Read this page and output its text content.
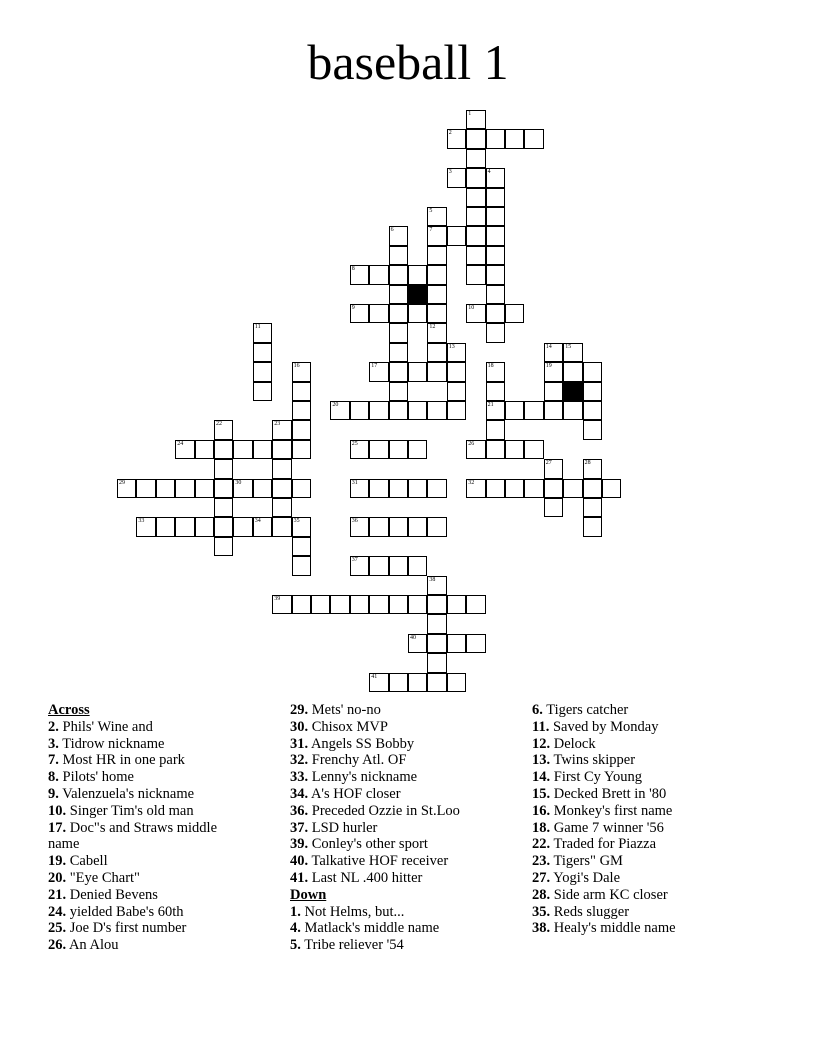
baseball 1
1
2
3	4
5
6	7
8
9	10
11	12
13	14 15
16	17	18	19
20	21
22	23
24	25	26
27	28
29	30	31	32
33	34	35	36
37
38
39
40
41
Across
2. Phils' Wine and
3. Tidrow nickname
7. Most HR in one park
8. Pilots' home
9. Valenzuela's nickname
10. Singer Tim's old man
17. Doc"s and Straws middle name
19. Cabell
20. "Eye Chart"
21. Denied Bevens
24. yielded Babe's 60th
25. Joe D's first number
26. An Alou
29. Mets' no-no
30. Chisox MVP
31. Angels SS Bobby
32. Frenchy Atl. OF
33. Lenny's nickname
34. A's HOF closer
36. Preceded Ozzie in St.Loo
37. LSD hurler
39. Conley's other sport
40. Talkative HOF receiver
41. Last NL .400 hitter
Down
1. Not Helms, but...
4. Matlack's middle name
5. Tribe reliever '54
6. Tigers catcher
11. Saved by Monday
12. Delock
13. Twins skipper
14. First Cy Young
15. Decked Brett in '80
16. Monkey's first name
18. Game 7 winner '56
22. Traded for Piazza
23. Tigers" GM
27. Yogi's Dale
28. Side arm KC closer
35. Reds slugger
38. Healy's middle name
